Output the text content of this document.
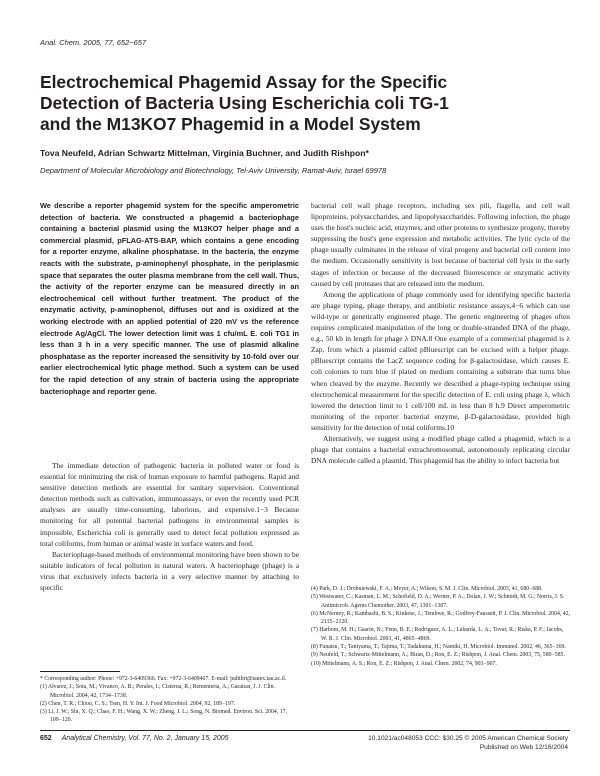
Anal. Chem. 2005, 77, 652−657
Electrochemical Phagemid Assay for the Specific
Detection of Bacteria Using Escherichia coli TG-1
and the M13KO7 Phagemid in a Model System
Tova Neufeld, Adrian Schwartz Mittelman, Virginia Buchner, and Judith Rishpon*
Department of Molecular Microbiology and Biotechnology, Tel-Aviv University, Ramat-Aviv, Israel 69978

We describe a reporter phagemid system for the specific amperometric detection of bacteria. We constructed a phagemid a bacteriophage containing a bacterial plasmid using the M13KO7 helper phage and a commercial plasmid, pFLAG-ATS-BAP, which contains a gene encoding for a reporter enzyme, alkaline phosphatase. In the bacteria, the enzyme reacts with the substrate, p-aminophenyl phosphate, in the periplasmic space that separates the outer plasma membrane from the cell wall. Thus, the activity of the reporter enzyme can be measured directly in an electrochemical cell without further treatment. The product of the enzymatic activity, p-aminophenol, diffuses out and is oxidized at the working electrode with an applied potential of 220 mV vs the reference electrode Ag/AgCl. The lower detection limit was 1 cfu/mL E. coli TG1 in less than 3 h in a very specific manner. The use of plasmid alkaline phosphatase as the reporter increased the sensitivity by 10-fold over our earlier electrochemical lytic phage method. Such a system can be used for the rapid detection of any strain of bacteria using the appropriate bacteriophage and reporter gene.

The immediate detection of pathogenic bacteria in polluted water or food is essential for minimizing the risk of human exposure to harmful pathogens. Rapid and sensitive detection methods are essential for sanitary supervision. Conventional detection methods such as cultivation, immunoassays, or even the recently used PCR analyses are usually time-consuming, laborious, and expensive.1−3 Because monitoring for all potential bacterial pathogens in environmental samples is impossible, Escherichia coli is generally used to detect fecal pollution expressed as total coliforms, from human or animal waste in surface waters and food.

Bacteriophage-based methods of environmental monitoring have been shown to be suitable indicators of fecal pollution in natural waters. A bacteriophage (phage) is a virus that exclusively infects bacteria in a very selective manner by attaching to specific

* Corresponding author: Phone: +972-3-6409366. Fax: +972-3-6409407. E-mail: judithri@tauex.tau.ac.il.

(1) Alvarez, J.; Sota, M.; Vivanco, A. B.; Perales, I.; Cisterna, R.; Rementeria, A.; Garaizar, J. J. Clin. Microbiol. 2004, 42, 1734−1738.

(2) Chen, T. R.; Chiou, C. S.; Tsen, H. Y. Int. J. Food Microbiol. 2004, 92, 189−197.

(3) Li, J. W.; Shi, X. Q.; Chao, F. H.; Wang, X. W.; Zheng, J. L.; Song, N. Biomed. Environ. Sci. 2004, 17, 109−120.

bacterial cell wall phage receptors, including sex pili, flagella, and cell wall lipoproteins, polysaccharides, and lipopolysaccharides. Following infection, the phage uses the host's nucleic acid, enzymes, and other proteins to synthesize progeny, thereby suppressing the host's gene expression and metabolic activities. The lytic cycle of the phage usually culminates in the release of viral progeny and bacterial cell content into the medium. Occasionally sensitivity is lost because of bacterial cell lysis in the early stages of infection or because of the decreased fluorescence or enzymatic activity caused by cell proteases that are released into the medium.

Among the applications of phage commonly used for identifying specific bacteria are phage typing, phage therapy, and antibiotic resistance assays,4−6 which can use wild-type or genetically engineered phage. The genetic engineering of phages often requires complicated manipulation of the long or double-stranded DNA of the phage, e.g., 50 kb in length for phage λ DNA.8 One example of a commercial phagemid is λ Zap, from which a plasmid called pBluescript can be excised with a helper phage. pBluescript contains the LacZ sequence coding for β-galactosidase, which causes E. coli colonies to turn blue if plated on medium containing a substrate that turns blue when cleaved by the enzyme. Recently we described a phage-typing technique using electrochemical measurement for the specific detection of E. coli using phage λ, which lowered the detection limit to 1 cell/100 mL in less than 8 h.9 Direct amperometric monitoring of the reporter bacterial enzyme, β-D-galactosidase, provided high sensitivity for the detection of total coliforms.10

Alternatively, we suggest using a modified phage called a phagemid, which is a phage that contains a bacterial extrachromosomal, autonomously replicating circular DNA molecule called a plasmid. This phagemid has the ability to infect bacteria but

(4) Park, D. J.; Drobniewski, F. A.; Meyer, A.; Wilson, S. M. J. Clin. Microbiol. 2003, 41, 680−688.

(5) Westwater, C.; Kasman, L. M.; Schofield, D. A.; Werner, P. A.; Dolan, J. W.; Schmidt, M. G.; Norris, J. S. Antimicrob. Agents Chemother. 2003, 47, 1301−1307.

(6) McNerney, R.; Kambashi, B. S.; Kinkese, J.; Tembwe, R.; Godfrey-Faussett, P. J. Clin. Microbiol. 2004, 42, 2115−2120.

(7) Harbom, M. H.; Gaarin, N.; Fenn, B. E.; Rodriguez, A. L.; Labarda, L. A.; Tovar, R.; Riska, P. F.; Jacobs, W. R. J. Clin. Microbiol. 2003, 41, 4865−4869.

(8) Funatsu, T.; Taniyama, T.; Tajima, T.; Tadakuma, H.; Namiki, H. Microbiol. Immunol. 2002, 46, 365−369.

(9) Neufeld, T.; Schwartz-Mittelmann, A.; Biran, D.; Ron, E. Z.; Rishpon, J. Anal. Chem. 2003, 75, 580−585.

(10) Mittelmann, A. S.; Ron, E. Z.; Rishpon, J. Anal. Chem. 2002, 74, 903−907.

652 Analytical Chemistry, Vol. 77, No. 2, January 15, 2005	10.1021/ac048053 CCC: $30.25 © 2005 American Chemical Society
Published on Web 12/16/2004
